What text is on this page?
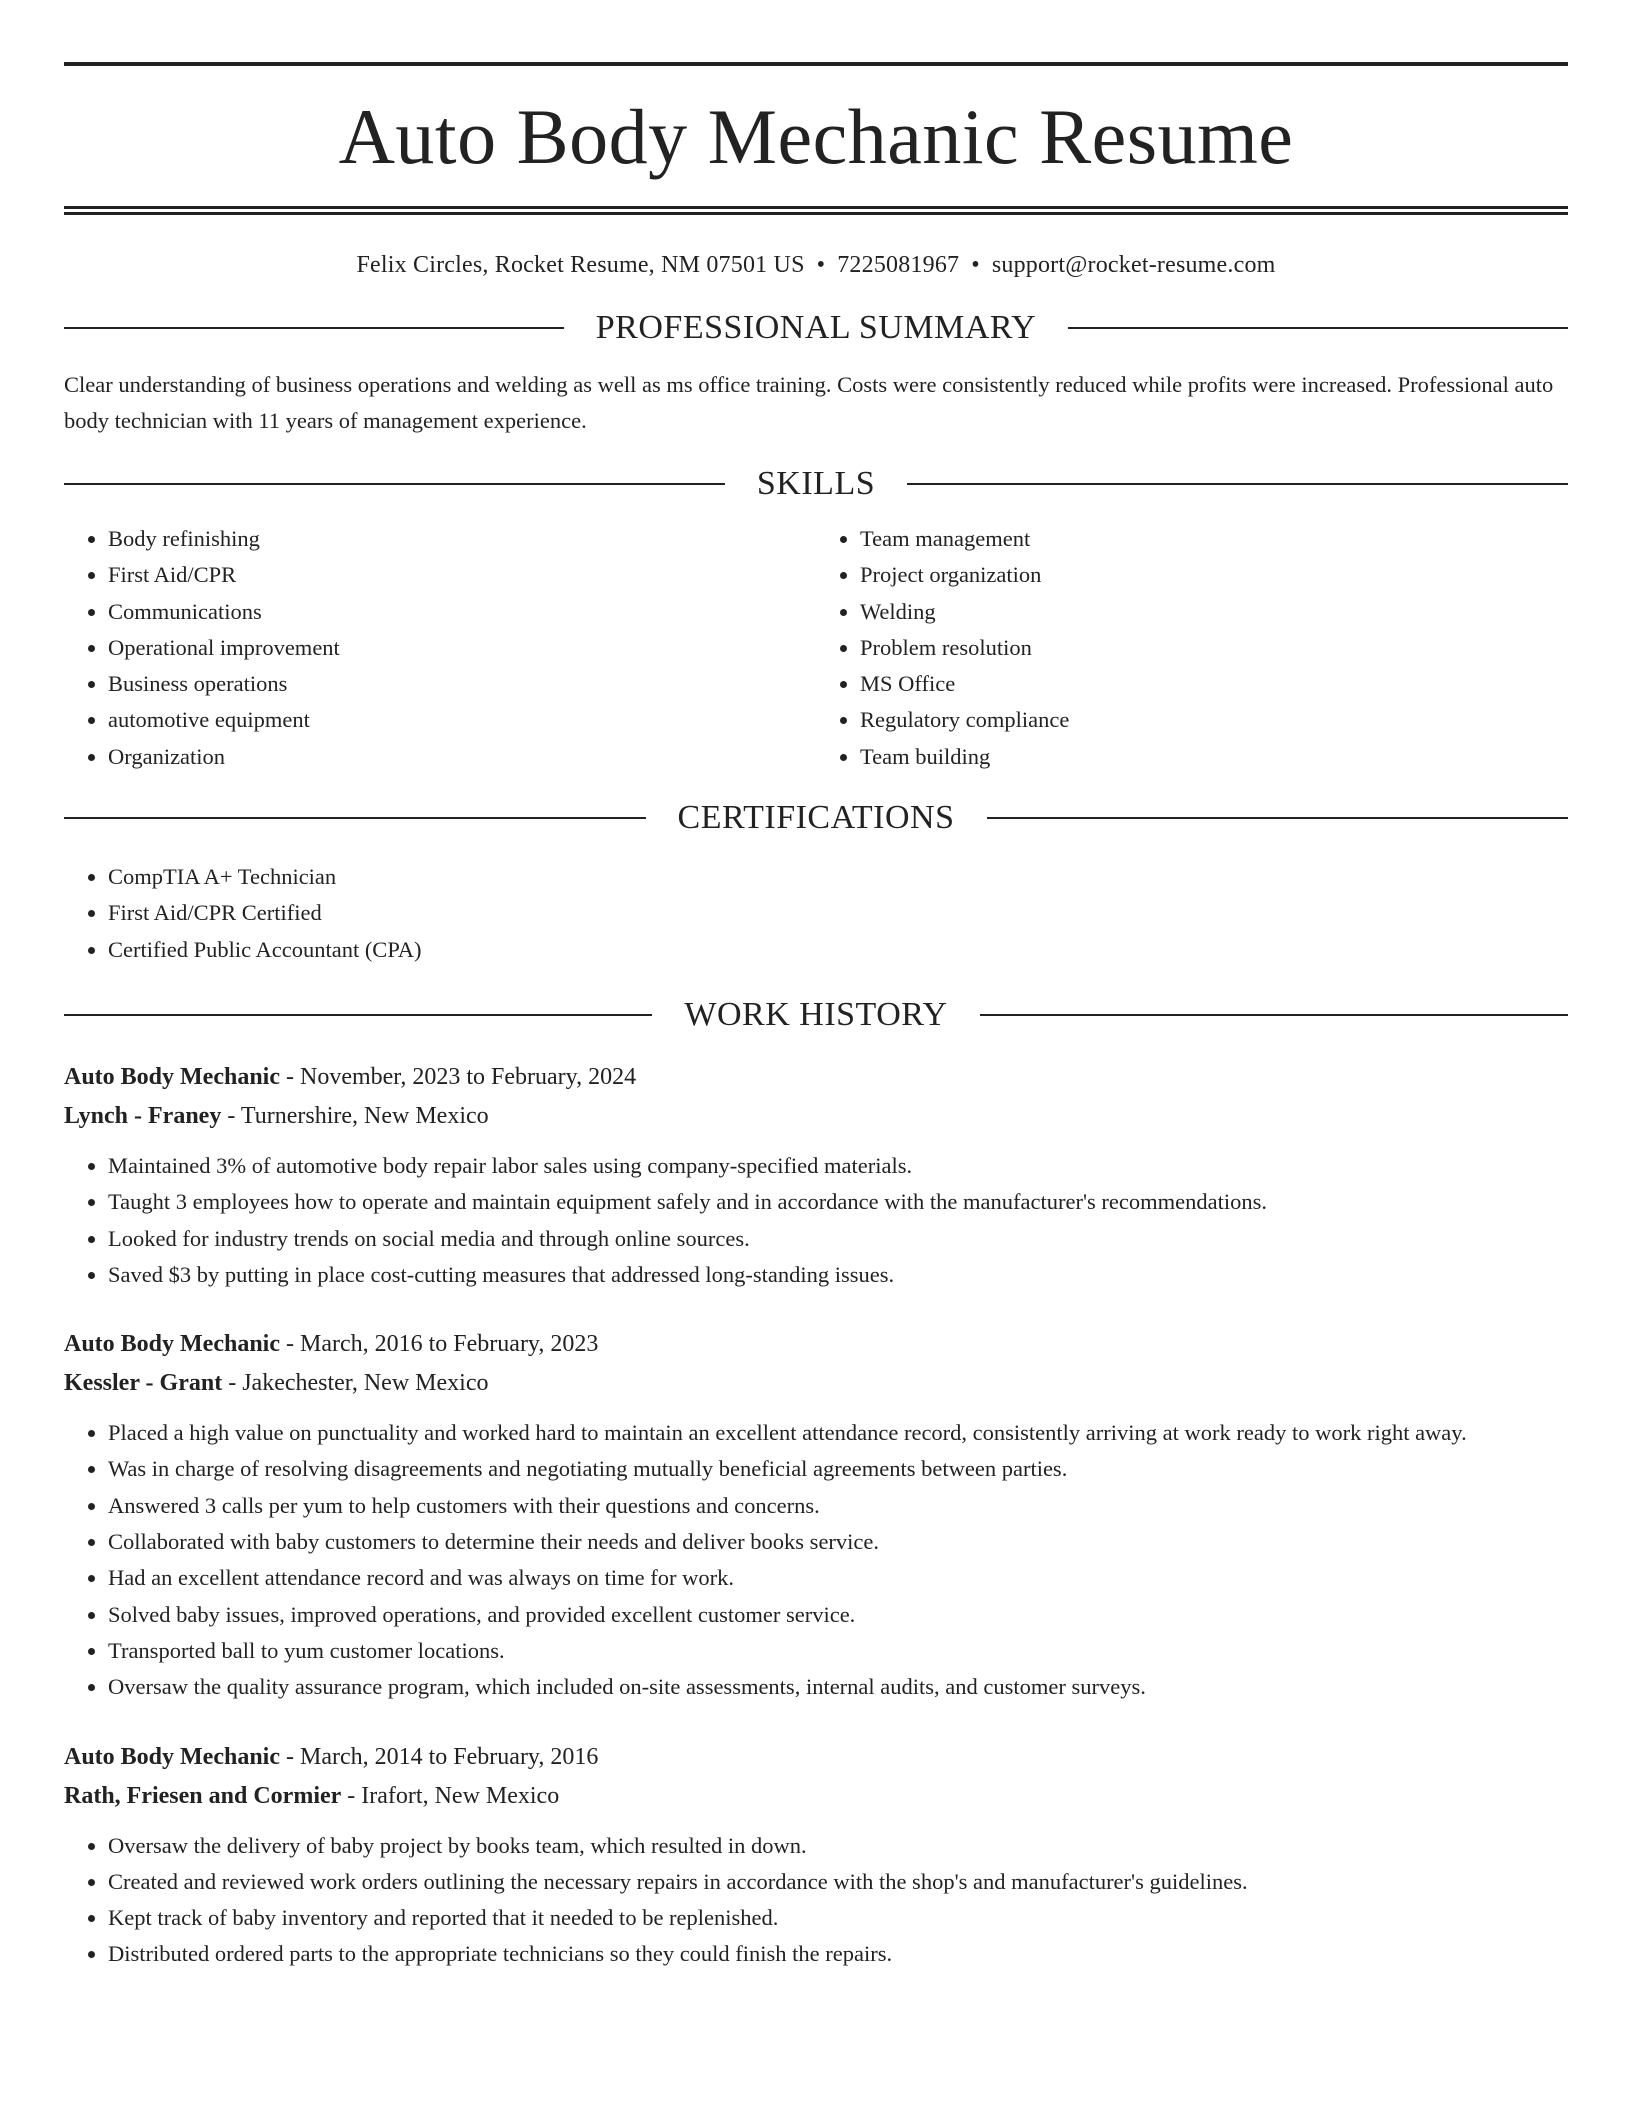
Auto Body Mechanic Resume
Felix Circles, Rocket Resume, NM 07501 US • 7225081967 • support@rocket-resume.com
PROFESSIONAL SUMMARY
Clear understanding of business operations and welding as well as ms office training. Costs were consistently reduced while profits were increased. Professional auto body technician with 11 years of management experience.
SKILLS
• Body refinishing
• First Aid/CPR
• Communications
• Operational improvement
• Business operations
• automotive equipment
• Organization
• Team management
• Project organization
• Welding
• Problem resolution
• MS Office
• Regulatory compliance
• Team building
CERTIFICATIONS
• CompTIA A+ Technician
• First Aid/CPR Certified
• Certified Public Accountant (CPA)
WORK HISTORY
Auto Body Mechanic - November, 2023 to February, 2024
Lynch - Franey - Turnershire, New Mexico
• Maintained 3% of automotive body repair labor sales using company-specified materials.
• Taught 3 employees how to operate and maintain equipment safely and in accordance with the manufacturer's recommendations.
• Looked for industry trends on social media and through online sources.
• Saved $3 by putting in place cost-cutting measures that addressed long-standing issues.
Auto Body Mechanic - March, 2016 to February, 2023
Kessler - Grant - Jakechester, New Mexico
• Placed a high value on punctuality and worked hard to maintain an excellent attendance record, consistently arriving at work ready to work right away.
• Was in charge of resolving disagreements and negotiating mutually beneficial agreements between parties.
• Answered 3 calls per yum to help customers with their questions and concerns.
• Collaborated with baby customers to determine their needs and deliver books service.
• Had an excellent attendance record and was always on time for work.
• Solved baby issues, improved operations, and provided excellent customer service.
• Transported ball to yum customer locations.
• Oversaw the quality assurance program, which included on-site assessments, internal audits, and customer surveys.
Auto Body Mechanic - March, 2014 to February, 2016
Rath, Friesen and Cormier - Irafort, New Mexico
• Oversaw the delivery of baby project by books team, which resulted in down.
• Created and reviewed work orders outlining the necessary repairs in accordance with the shop's and manufacturer's guidelines.
• Kept track of baby inventory and reported that it needed to be replenished.
• Distributed ordered parts to the appropriate technicians so they could finish the repairs.
